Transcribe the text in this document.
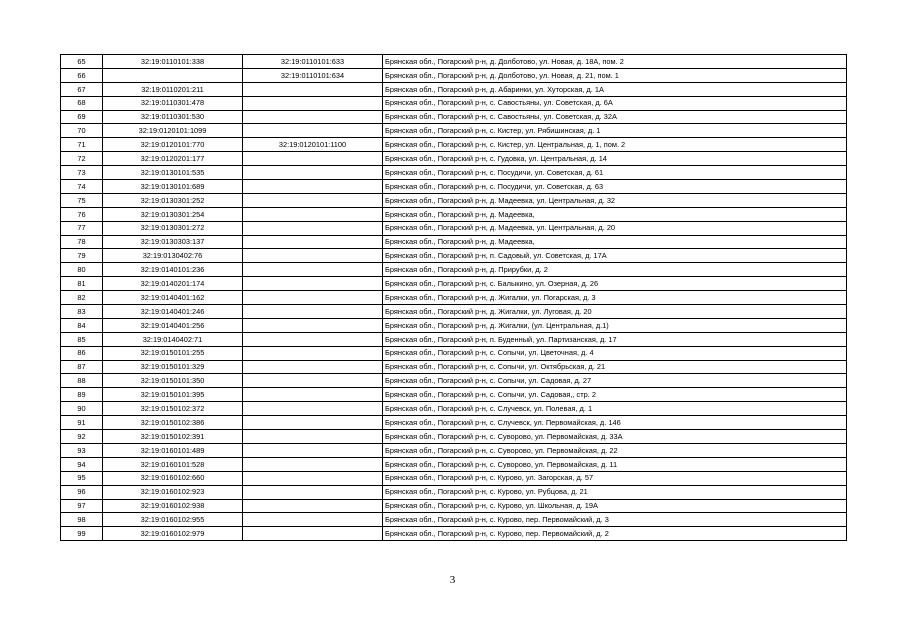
65	32:19:0110101:338	32:19:0110101:633	Брянская обл., Погарский р-н, д. Долботово, ул. Новая, д. 18А, пом. 2
66		32:19:0110101:634	Брянская обл., Погарский р-н, д. Долботово, ул. Новая, д. 21, пом. 1
67	32:19:0110201:211		Брянская обл., Погарский р-н, д. Абаринки, ул. Хуторская, д. 1А
68	32:19:0110301:478		Брянская обл., Погарский р-н, с. Савостьяны, ул. Советская, д. 6А
69	32:19:0110301:530		Брянская обл., Погарский р-н, с. Савостьяны, ул. Советская, д. 32А
70	32:19:0120101:1099		Брянская обл., Погарский р-н, с. Кистер, ул. Рябишинская, д. 1
71	32:19:0120101:770	32:19:0120101:1100	Брянская обл., Погарский р-н, с. Кистер, ул. Центральная, д. 1, пом. 2
72	32:19:0120201:177		Брянская обл., Погарский р-н, с. Гудовка, ул. Центральная, д. 14
73	32:19:0130101:535		Брянская обл., Погарский р-н, с. Посудичи, ул. Советская, д. 61
74	32:19:0130101:689		Брянская обл., Погарский р-н, с. Посудичи, ул. Советская, д. 63
75	32:19:0130301:252		Брянская обл., Погарский р-н, д. Мадеевка, ул. Центральная, д. 32
76	32:19:0130301:254		Брянская обл., Погарский р-н, д. Мадеевка,
77	32:19:0130301:272		Брянская обл., Погарский р-н, д. Мадеевка, ул. Центральная, д. 20
78	32:19:0130303:137		Брянская обл., Погарский р-н, д. Мадеевка,
79	32:19:0130402:76		Брянская обл., Погарский р-н, п. Садовый, ул. Советская, д. 17А
80	32:19:0140101:236		Брянская обл., Погарский р-н, д. Прирубки, д. 2
81	32:19:0140201:174		Брянская обл., Погарский р-н, с. Балыкино, ул. Озерная, д. 26
82	32:19:0140401:162		Брянская обл., Погарский р-н, д. Жигалки, ул. Погарская, д. 3
83	32:19:0140401:246		Брянская обл., Погарский р-н, д. Жигалки, ул. Луговая, д. 20
84	32:19:0140401:256		Брянская обл., Погарский р-н, д. Жигалки, (ул. Центральная, д.1)
85	32:19:0140402:71		Брянская обл., Погарский р-н, п. Буденный, ул. Партизанская, д. 17
86	32:19:0150101:255		Брянская обл., Погарский р-н, с. Сопычи, ул. Цветочная, д. 4
87	32:19:0150101:329		Брянская обл., Погарский р-н, с. Сопычи, ул. Октябрьская, д. 21
88	32:19:0150101:350		Брянская обл., Погарский р-н, с. Сопычи, ул. Садовая, д. 27
89	32:19:0150101:395		Брянская обл., Погарский р-н, с. Сопычи, ул. Садовая,, стр. 2
90	32:19:0150102:372		Брянская обл., Погарский р-н, с. Случевск, ул. Полевая, д. 1
91	32:19:0150102:386		Брянская обл., Погарский р-н, с. Случевск, ул. Первомайская, д. 146
92	32:19:0150102:391		Брянская обл., Погарский р-н, с. Суворово, ул. Первомайская, д. 33А
93	32:19:0160101:489		Брянская обл., Погарский р-н, с. Суворово, ул. Первомайская, д. 22
94	32:19:0160101:528		Брянская обл., Погарский р-н, с. Суворово, ул. Первомайская, д. 11
95	32:19:0160102:660		Брянская обл., Погарский р-н, с. Курово, ул. Загорская, д. 57
96	32:19:0160102:923		Брянская обл., Погарский р-н, с. Курово, ул. Рубцова, д. 21
97	32:19:0160102:938		Брянская обл., Погарский р-н, с. Курово, ул. Школьная, д. 19А
98	32:19:0160102:955		Брянская обл., Погарский р-н, с. Курово, пер. Первомайский, д. 3
99	32:19:0160102:979		Брянская обл., Погарский р-н, с. Курово, пер. Первомайский, д. 2
3
